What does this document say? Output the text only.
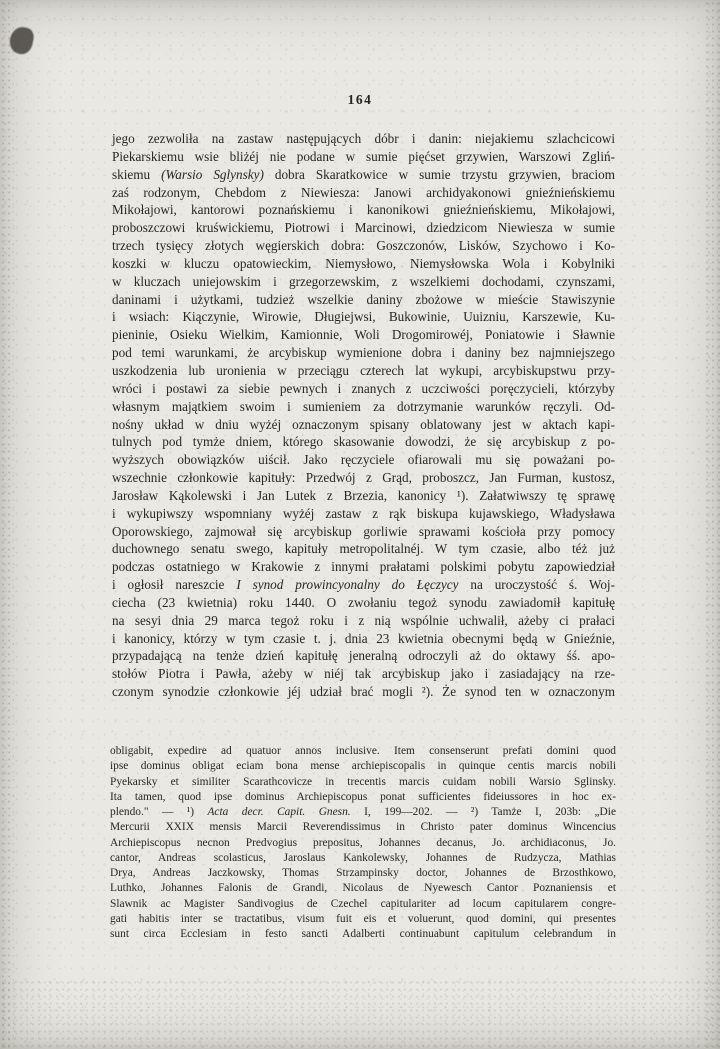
164
jego zezwoliła na zastaw następujących dóbr i danin: niejakiemu szlachcicowi
Piekarskiemu wsie bliżéj nie podane w sumie pięćset grzywien, Warszowi Zgliń-
skiemu (Warsio Sglynsky) dobra Skaratkowice w sumie trzystu grzywien, braciom
zaś rodzonym, Chebdom z Niewiesza: Janowi archidyakonowi gnieźnieńskiemu
Mikołajowi, kantorowi poznańskiemu i kanonikowi gnieźnieńskiemu, Mikołajowi,
proboszczowi kruświckiemu, Piotrowi i Marcinowi, dziedzicom Niewiesza w sumie
trzech tysięcy złotych węgierskich dobra: Goszczonów, Lisków, Szychowo i Ko-
koszki w kluczu opatowieckim, Niemysłowo, Niemysłowska Wola i Kobylniki
w kluczach uniejowskim i grzegorzewskim, z wszelkiemi dochodami, czynszami,
daninami i użytkami, tudzież wszelkie daniny zbożowe w mieście Stawiszynie
i wsiach: Kiączynie, Wirowie, Długiejwsi, Bukowinie, Uuizniu, Karszewie, Ku-
pieninie, Osieku Wielkim, Kamionnie, Woli Drogomirowéj, Poniatowie i Sławnie
pod temi warunkami, że arcybiskup wymienione dobra i daniny bez najmniejszego
uszkodzenia lub uronienia w przeciągu czterech lat wykupi, arcybiskupstwu przy-
wróci i postawi za siebie pewnych i znanych z uczciwości poręczycieli, którzyby
własnym majątkiem swoim i sumieniem za dotrzymanie warunków ręczyli. Od-
nośny układ w dniu wyżéj oznaczonym spisany oblatowany jest w aktach kapi-
tulnych pod tymże dniem, którego skasowanie dowodzi, że się arcybiskup z po-
wyższych obowiązków uiścił. Jako ręczyciele ofiarowali mu się poważani po-
wszechnie członkowie kapituły: Przedwój z Grąd, proboszcz, Jan Furman, kustosz,
Jarosław Kąkolewski i Jan Lutek z Brzezia, kanonicy ¹). Załatwiwszy tę sprawę
i wykupiwszy wspomniany wyżéj zastaw z rąk biskupa kujawskiego, Władysława
Oporowskiego, zajmował się arcybiskup gorliwie sprawami kościoła przy pomocy
duchownego senatu swego, kapituły metropolitalnéj. W tym czasie, albo téż już
podczas ostatniego w Krakowie z innymi prałatami polskimi pobytu zapowiedział
i ogłosił nareszcie I synod prowincyonalny do Łęczycy na uroczystość ś. Woj-
ciecha (23 kwietnia) roku 1440. O zwołaniu tegoż synodu zawiadomił kapitułę
na sesyi dnia 29 marca tegoż roku i z nią wspólnie uchwalił, ażeby ci prałaci
i kanonicy, którzy w tym czasie t. j. dnia 23 kwietnia obecnymi będą w Gnieźnie,
przypadającą na tenże dzień kapitułę jeneralną odroczyli aż do oktawy śś. apo-
stołów Piotra i Pawła, ażeby w niéj tak arcybiskup jako i zasiadający na rze-
czonym synodzie członkowie jéj udział brać mogli ²). Że synod ten w oznaczonym
obligabit, expedire ad quatuor annos inclusive. Item consenserunt prefati domini quod
ipse dominus obligat eciam bona mense archiepiscopalis in quinque centis marcis nobili
Pyekarsky et similiter Scarathcovicze in trecentis marcis cuidam nobili Warsio Sglinsky.
Ita tamen, quod ipse dominus Archiepiscopus ponat sufficientes fideiussores in hoc ex-
plendo." — ¹) Acta decr. Capit. Gnesn. I, 199—202. — ²) Tamże I, 203b: „Die
Mercurii XXIX mensis Marcii Reverendissimus in Christo pater dominus Wincencius
Archiepiscopus necnon Predvogius prepositus, Johannes decanus, Jo. archidiaconus, Jo.
cantor, Andreas scolasticus, Jaroslaus Kankolewsky, Johannes de Rudzycza, Mathias
Drya, Andreas Jaczkowsky, Thomas Strzampinsky doctor, Johannes de Brzosthkowo,
Luthko, Johannes Falonis de Grandi, Nicolaus de Nyewesch Cantor Poznaniensis et
Slawnik ac Magister Sandivogius de Czechel capitulariter ad locum capitularem congre-
gati habitis inter se tractatibus, visum fuit eis et voluerunt, quod domini, qui presentes
sunt circa Ecclesiam in festo sancti Adalberti continuabunt capitulum celebrandum in
